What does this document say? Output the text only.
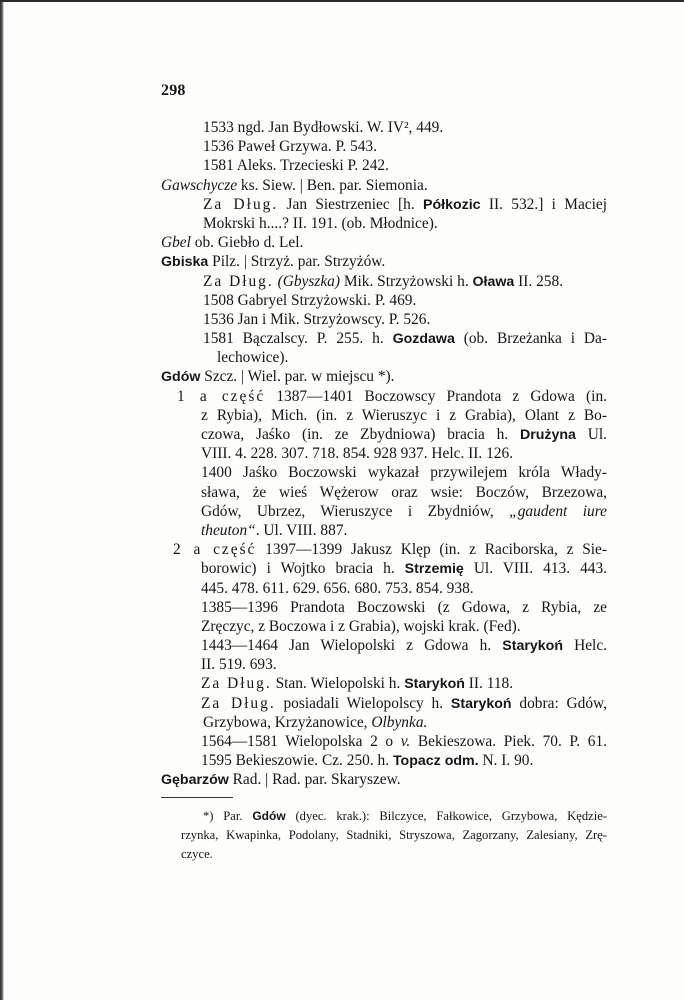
298
1533 ngd. Jan Bydłowski. W. IV², 449.
1536 Paweł Grzywa. P. 543.
1581 Aleks. Trzecieski P. 242.
Gawschycze ks. Siew. | Ben. par. Siemonia.
Za Dług. Jan Siestrzeniec [h. Półkozic II. 532.] i Maciej
Mokrski h....? II. 191. (ob. Młodnice).
Gbel ob. Giebło d. Lel.
Gbiska Pilz. | Strzyż. par. Strzyżów.
Za Dług. (Gbyszka) Mik. Strzyżowski h. Oława II. 258.
1508 Gabryel Strzyżowski. P. 469.
1536 Jan i Mik. Strzyżowscy. P. 526.
1581 Bączalscy. P. 255. h. Gozdawa (ob. Brzeżanka i Da-
lechowice).
Gdów Szcz. | Wiel. par. w miejscu *).
1 a część 1387—1401 Boczowscy Prandota z Gdowa (in.
z Rybia), Mich. (in. z Wieruszyc i z Grabia), Olant z Bo-
czowa, Jaśko (in. ze Zbydniowa) bracia h. Drużyna Ul.
VIII. 4. 228. 307. 718. 854. 928 937. Helc. II. 126.
1400 Jaśko Boczowski wykazał przywilejem króla Włady-
sława, że wieś Wężerow oraz wsie: Boczów, Brzezowa,
Gdów, Ubrzez, Wieruszyce i Zbydniów, „gaudent iure
theuton“. Ul. VIII. 887.
2 a część 1397—1399 Jakusz Klęp (in. z Raciborska, z Sie-
borowic) i Wojtko bracia h. Strzemię Ul. VIII. 413. 443.
445. 478. 611. 629. 656. 680. 753. 854. 938.
1385—1396 Prandota Boczowski (z Gdowa, z Rybia, ze
Zręczyc, z Boczowa i z Grabia), wojski krak. (Fed).
1443—1464 Jan Wielopolski z Gdowa h. Starykoń Helc.
II. 519. 693.
Za Dług. Stan. Wielopolski h. Starykoń II. 118.
Za Dług. posiadali Wielopolscy h. Starykoń dobra: Gdów,
Grzybowa, Krzyżanowice, Olbynka.
1564—1581 Wielopolska 2 o v. Bekieszowa. Piek. 70. P. 61.
1595 Bekieszowie. Cz. 250. h. Topacz odm. N. I. 90.
Gębarzów Rad. | Rad. par. Skaryszew.
*) Par. Gdów (dyec. krak.): Bilczyce, Fałkowice, Grzybowa, Kędzie-
rzynka, Kwapinka, Podolany, Stadniki, Stryszowa, Zagorzany, Zalesiany, Zrę-
czyce.
